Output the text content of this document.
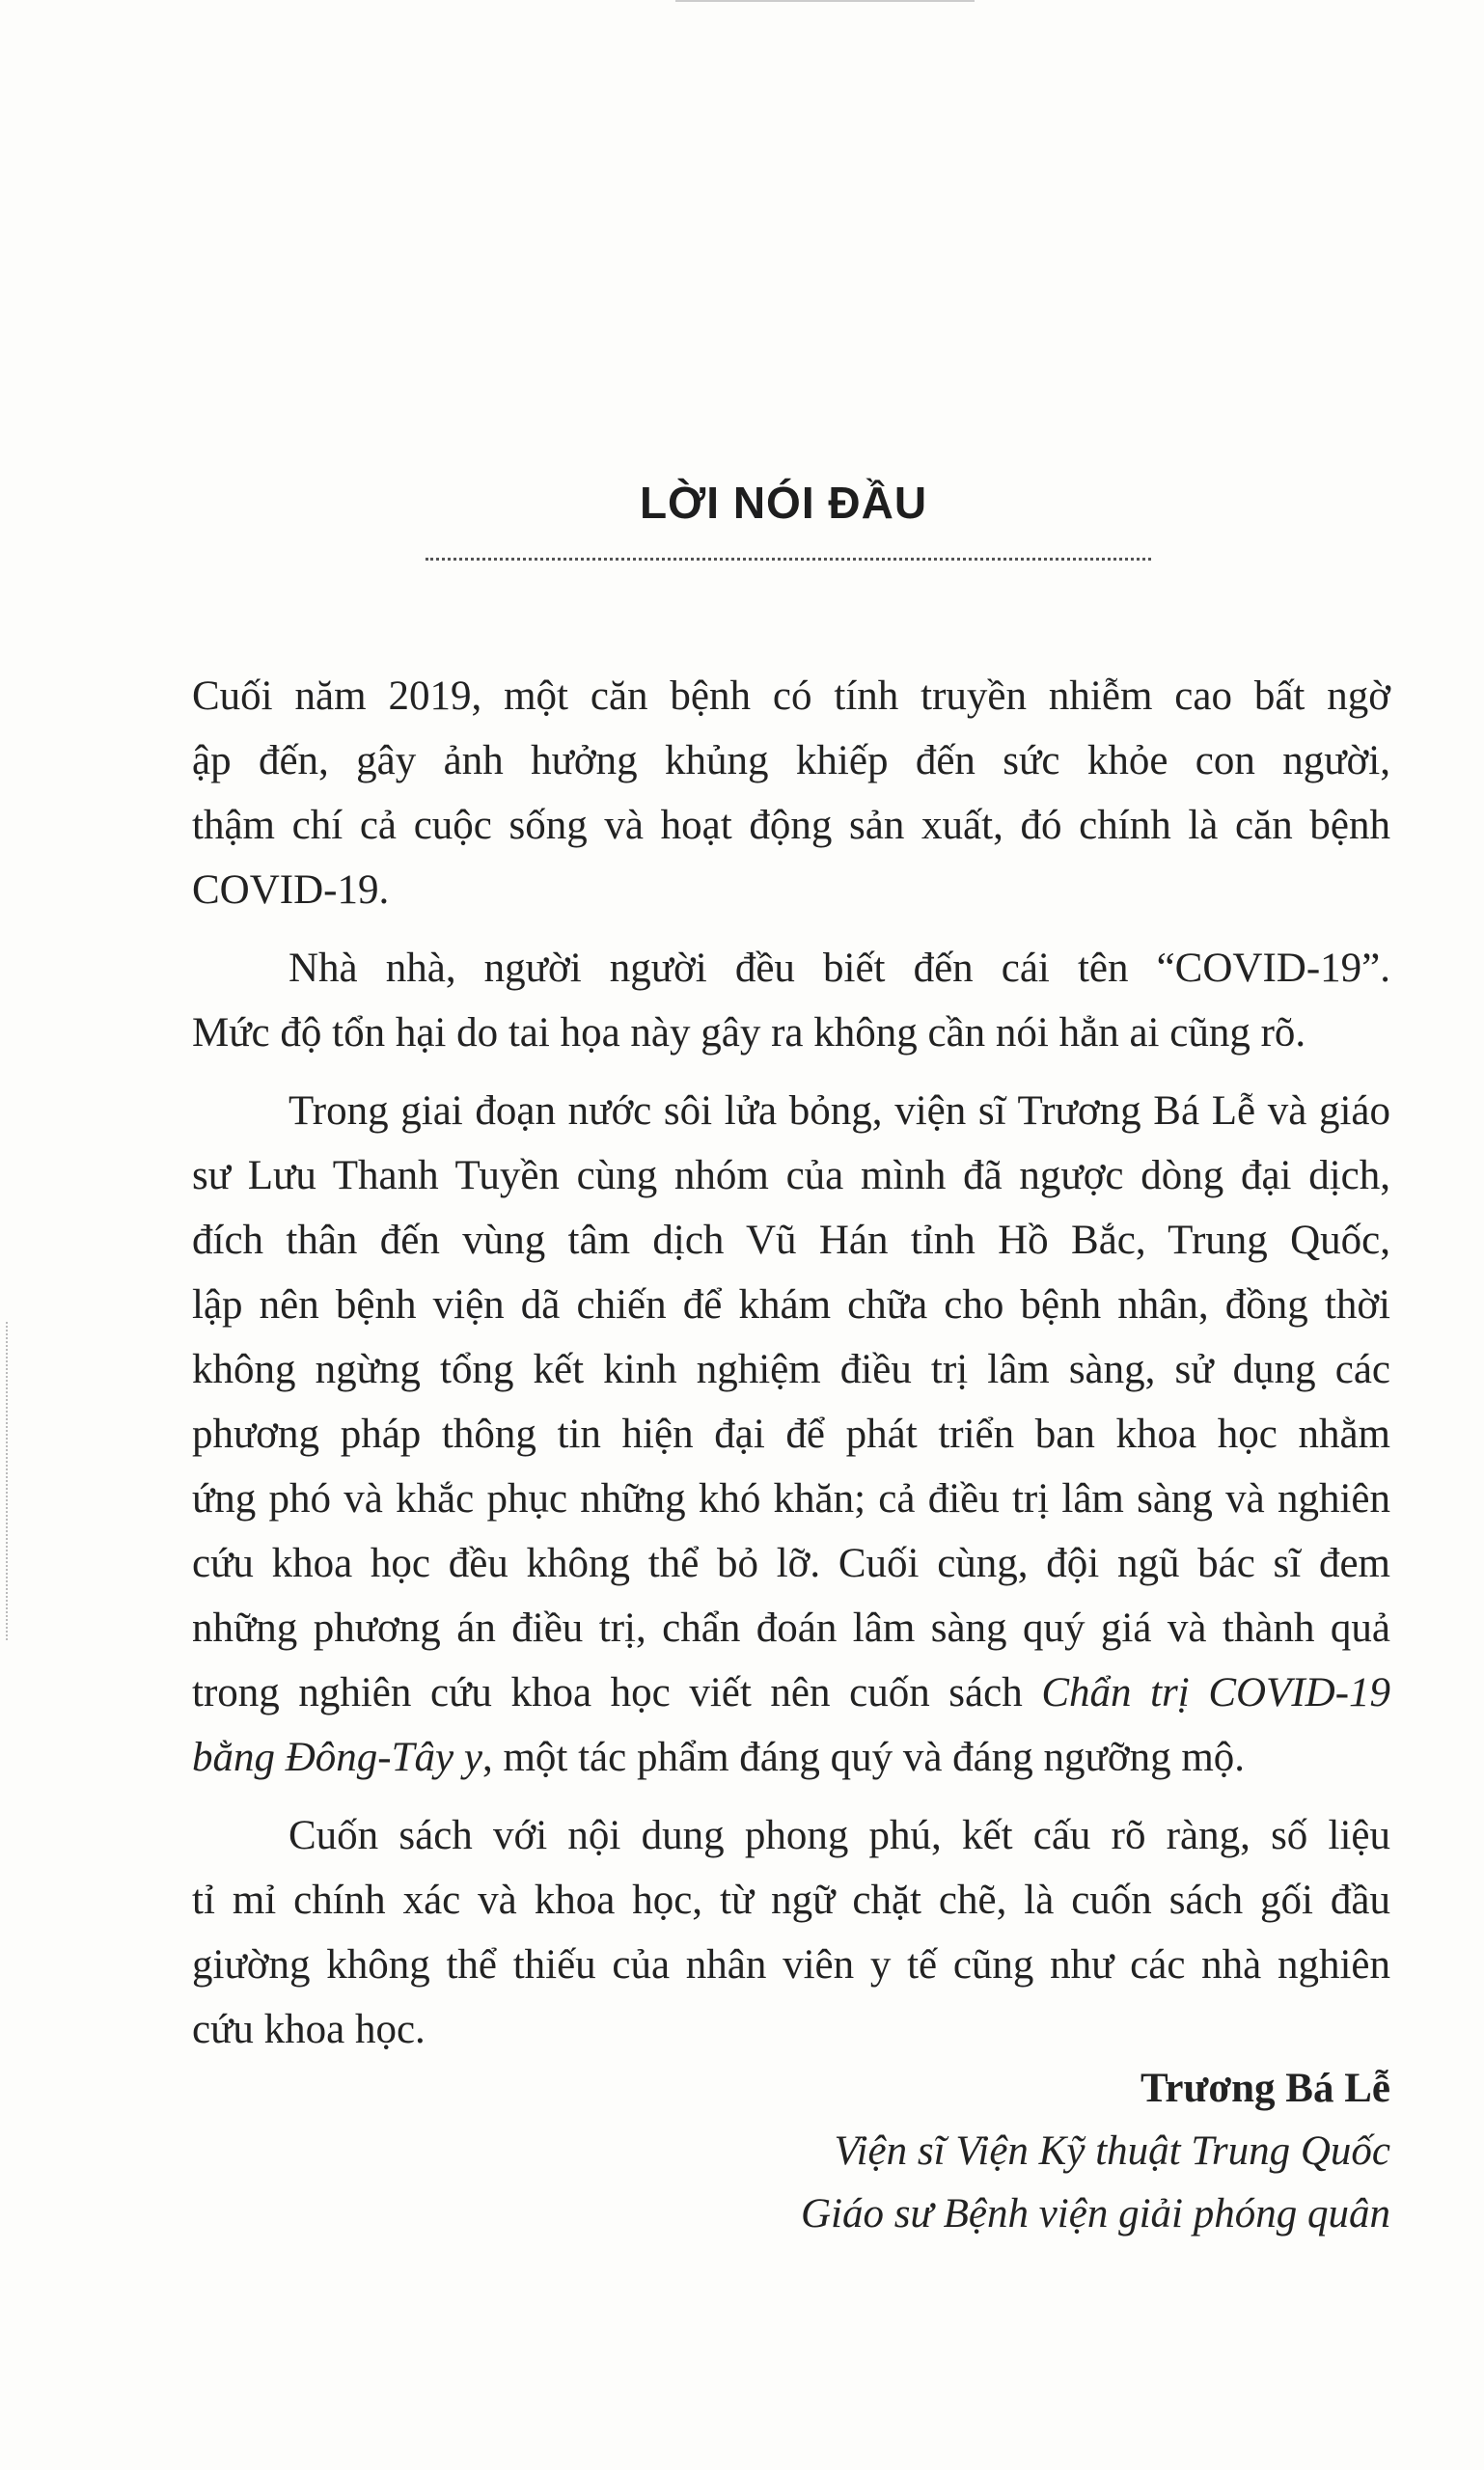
LỜI NÓI ĐẦU
Cuối năm 2019, một căn bệnh có tính truyền nhiễm cao bất ngờ
ập đến, gây ảnh hưởng khủng khiếp đến sức khỏe con người,
thậm chí cả cuộc sống và hoạt động sản xuất, đó chính là căn bệnh
COVID-19.
Nhà nhà, người người đều biết đến cái tên “COVID-19”.
Mức độ tổn hại do tai họa này gây ra không cần nói hẳn ai cũng rõ.
Trong giai đoạn nước sôi lửa bỏng, viện sĩ Trương Bá Lễ và giáo
sư Lưu Thanh Tuyền cùng nhóm của mình đã ngược dòng đại dịch,
đích thân đến vùng tâm dịch Vũ Hán tỉnh Hồ Bắc, Trung Quốc,
lập nên bệnh viện dã chiến để khám chữa cho bệnh nhân, đồng thời
không ngừng tổng kết kinh nghiệm điều trị lâm sàng, sử dụng các
phương pháp thông tin hiện đại để phát triển ban khoa học nhằm
ứng phó và khắc phục những khó khăn; cả điều trị lâm sàng và nghiên
cứu khoa học đều không thể bỏ lỡ. Cuối cùng, đội ngũ bác sĩ đem
những phương án điều trị, chẩn đoán lâm sàng quý giá và thành quả
trong nghiên cứu khoa học viết nên cuốn sách Chẩn trị COVID-19
bằng Đông-Tây y, một tác phẩm đáng quý và đáng ngưỡng mộ.
Cuốn sách với nội dung phong phú, kết cấu rõ ràng, số liệu
tỉ mỉ chính xác và khoa học, từ ngữ chặt chẽ, là cuốn sách gối đầu
giường không thể thiếu của nhân viên y tế cũng như các nhà nghiên
cứu khoa học.
Trương Bá Lễ
Viện sĩ Viện Kỹ thuật Trung Quốc
Giáo sư Bệnh viện giải phóng quân
